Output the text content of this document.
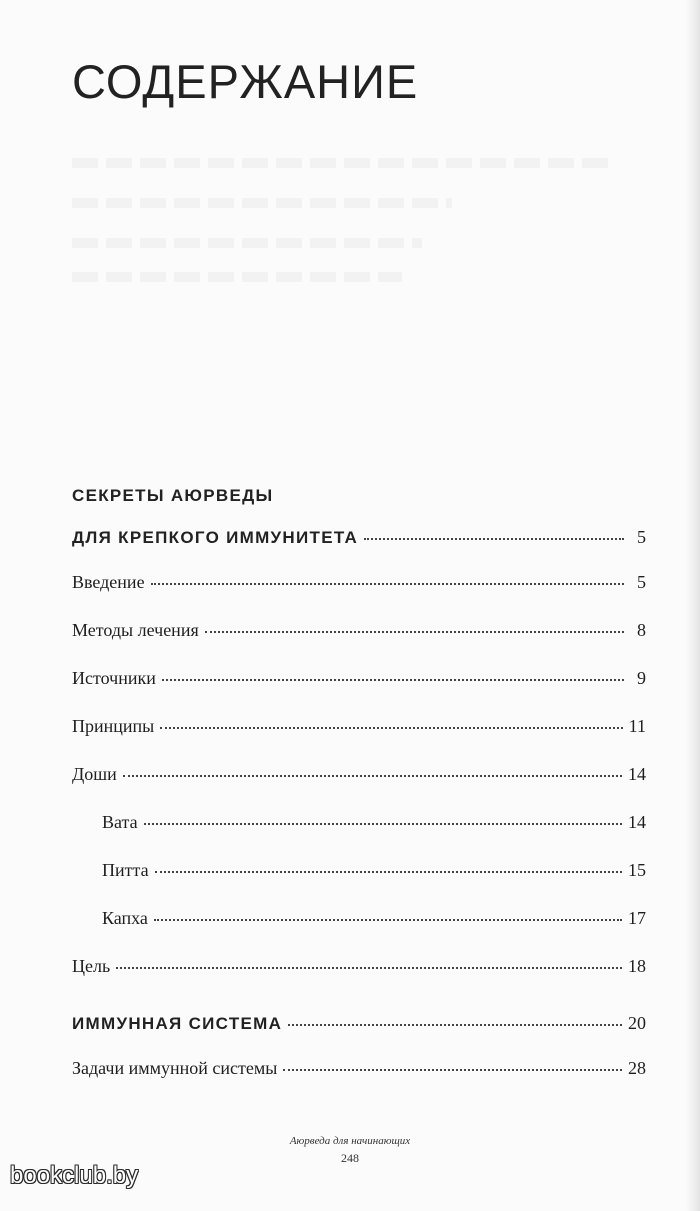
СОДЕРЖАНИЕ
СЕКРЕТЫ АЮРВЕДЫ
ДЛЯ КРЕПКОГО ИММУНИТЕТА	5
Введение	5
Методы лечения	8
Источники	9
Принципы	11
Доши	14
Вата	14
Питта	15
Капха	17
Цель	18
ИММУННАЯ СИСТЕМА	20
Задачи иммунной системы	28
Аюрведа для начинающих
248
bookclub.by
